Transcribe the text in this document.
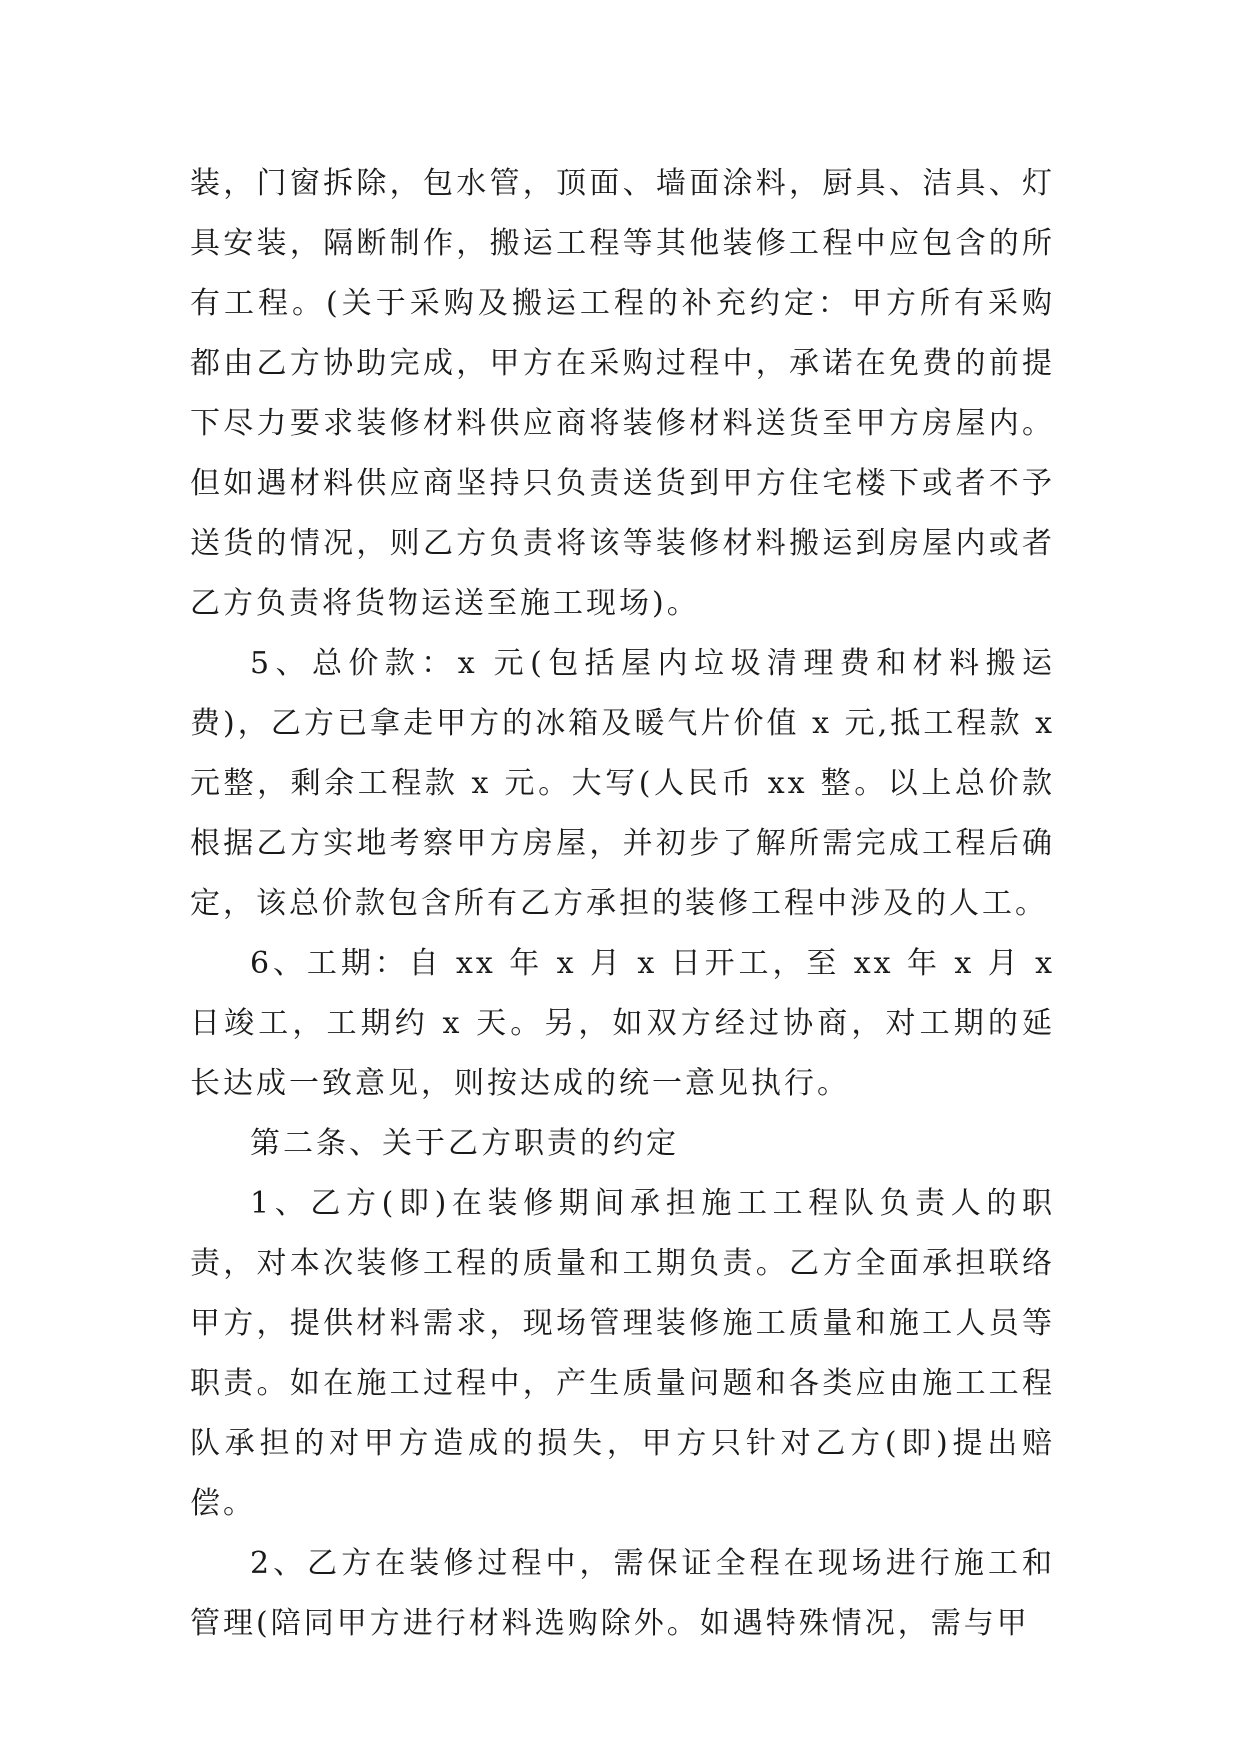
装，门窗拆除，包水管，顶面、墙面涂料，厨具、洁具、灯具安装，隔断制作，搬运工程等其他装修工程中应包含的所有工程。(关于采购及搬运工程的补充约定：甲方所有采购都由乙方协助完成，甲方在采购过程中，承诺在免费的前提下尽力要求装修材料供应商将装修材料送货至甲方房屋内。但如遇材料供应商坚持只负责送货到甲方住宅楼下或者不予送货的情况，则乙方负责将该等装修材料搬运到房屋内或者乙方负责将货物运送至施工现场)。

5、总价款：x 元(包括屋内垃圾清理费和材料搬运费)，乙方已拿走甲方的冰箱及暖气片价值 x 元,抵工程款 x 元整，剩余工程款 x 元。大写(人民币 xx 整。以上总价款根据乙方实地考察甲方房屋，并初步了解所需完成工程后确定，该总价款包含所有乙方承担的装修工程中涉及的人工。

6、工期：自 xx 年 x 月 x 日开工，至 xx 年 x 月 x 日竣工，工期约 x 天。另，如双方经过协商，对工期的延长达成一致意见，则按达成的统一意见执行。

第二条、关于乙方职责的约定

1、乙方(即)在装修期间承担施工工程队负责人的职责，对本次装修工程的质量和工期负责。乙方全面承担联络甲方，提供材料需求，现场管理装修施工质量和施工人员等职责。如在施工过程中，产生质量问题和各类应由施工工程队承担的对甲方造成的损失，甲方只针对乙方(即)提出赔偿。

2、乙方在装修过程中，需保证全程在现场进行施工和管理(陪同甲方进行材料选购除外。如遇特殊情况，需与甲
